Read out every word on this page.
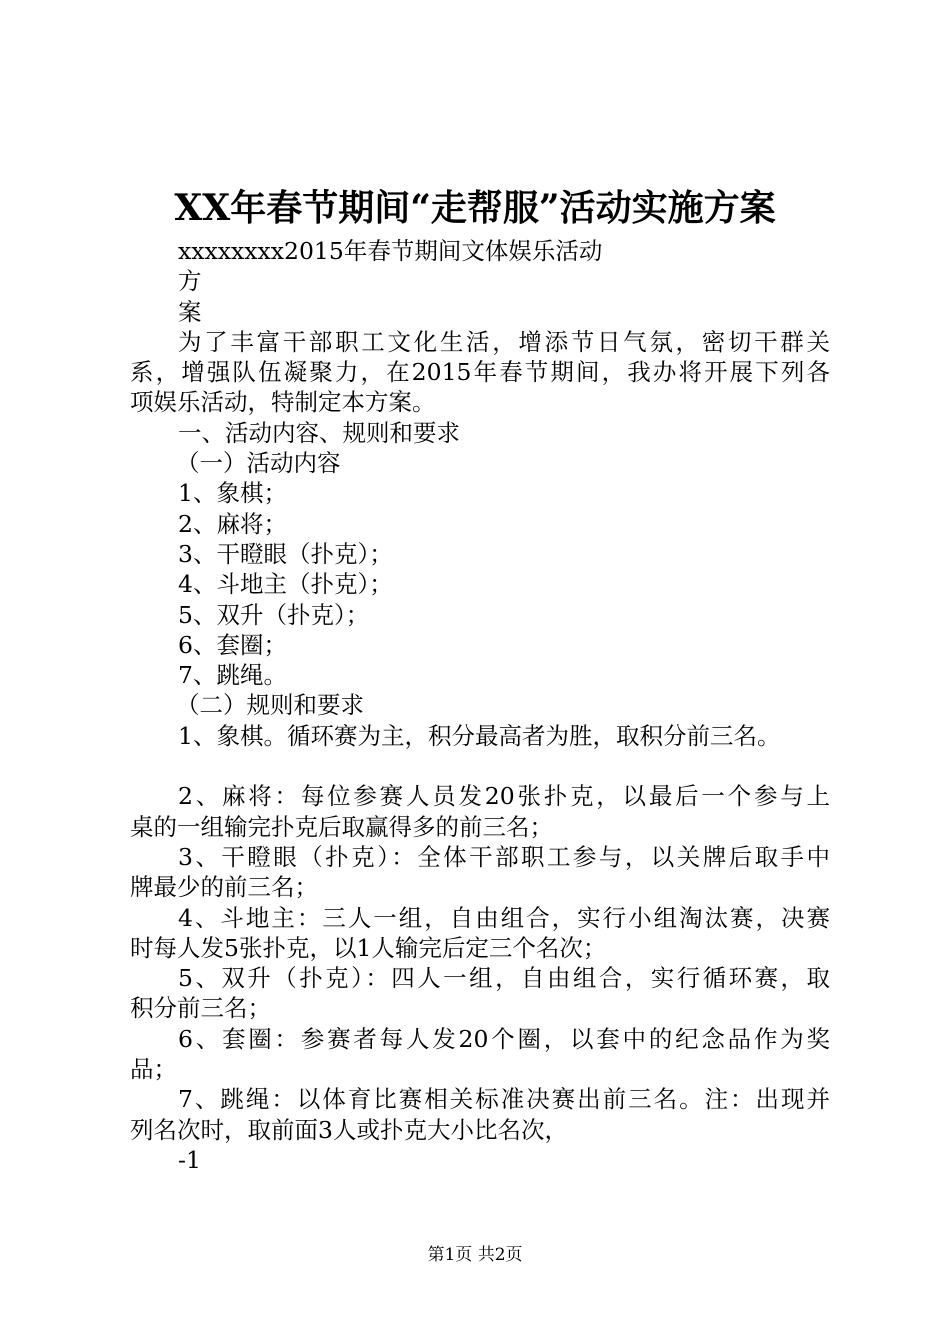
XX年春节期间“走帮服”活动实施方案
xxxxxxxx2015年春节期间文体娱乐活动
方
案
为了丰富干部职工文化生活，增添节日气氛，密切干群关
系，增强队伍凝聚力，在2015年春节期间，我办将开展下列各
项娱乐活动，特制定本方案。
一、活动内容、规则和要求
（一）活动内容
1、象棋；
2、麻将；
3、干瞪眼（扑克）；
4、斗地主（扑克）；
5、双升（扑克）；
6、套圈；
7、跳绳。
（二）规则和要求
1、象棋。循环赛为主，积分最高者为胜，取积分前三名。
2、麻将：每位参赛人员发20张扑克，以最后一个参与上
桌的一组输完扑克后取赢得多的前三名；
3、干瞪眼（扑克）：全体干部职工参与，以关牌后取手中
牌最少的前三名；
4、斗地主：三人一组，自由组合，实行小组淘汰赛，决赛
时每人发5张扑克，以1人输完后定三个名次；
5、双升（扑克）：四人一组，自由组合，实行循环赛，取
积分前三名；
6、套圈：参赛者每人发20个圈，以套中的纪念品作为奖
品；
7、跳绳：以体育比赛相关标准决赛出前三名。注：出现并
列名次时，取前面3人或扑克大小比名次，
-1
第1页 共2页
